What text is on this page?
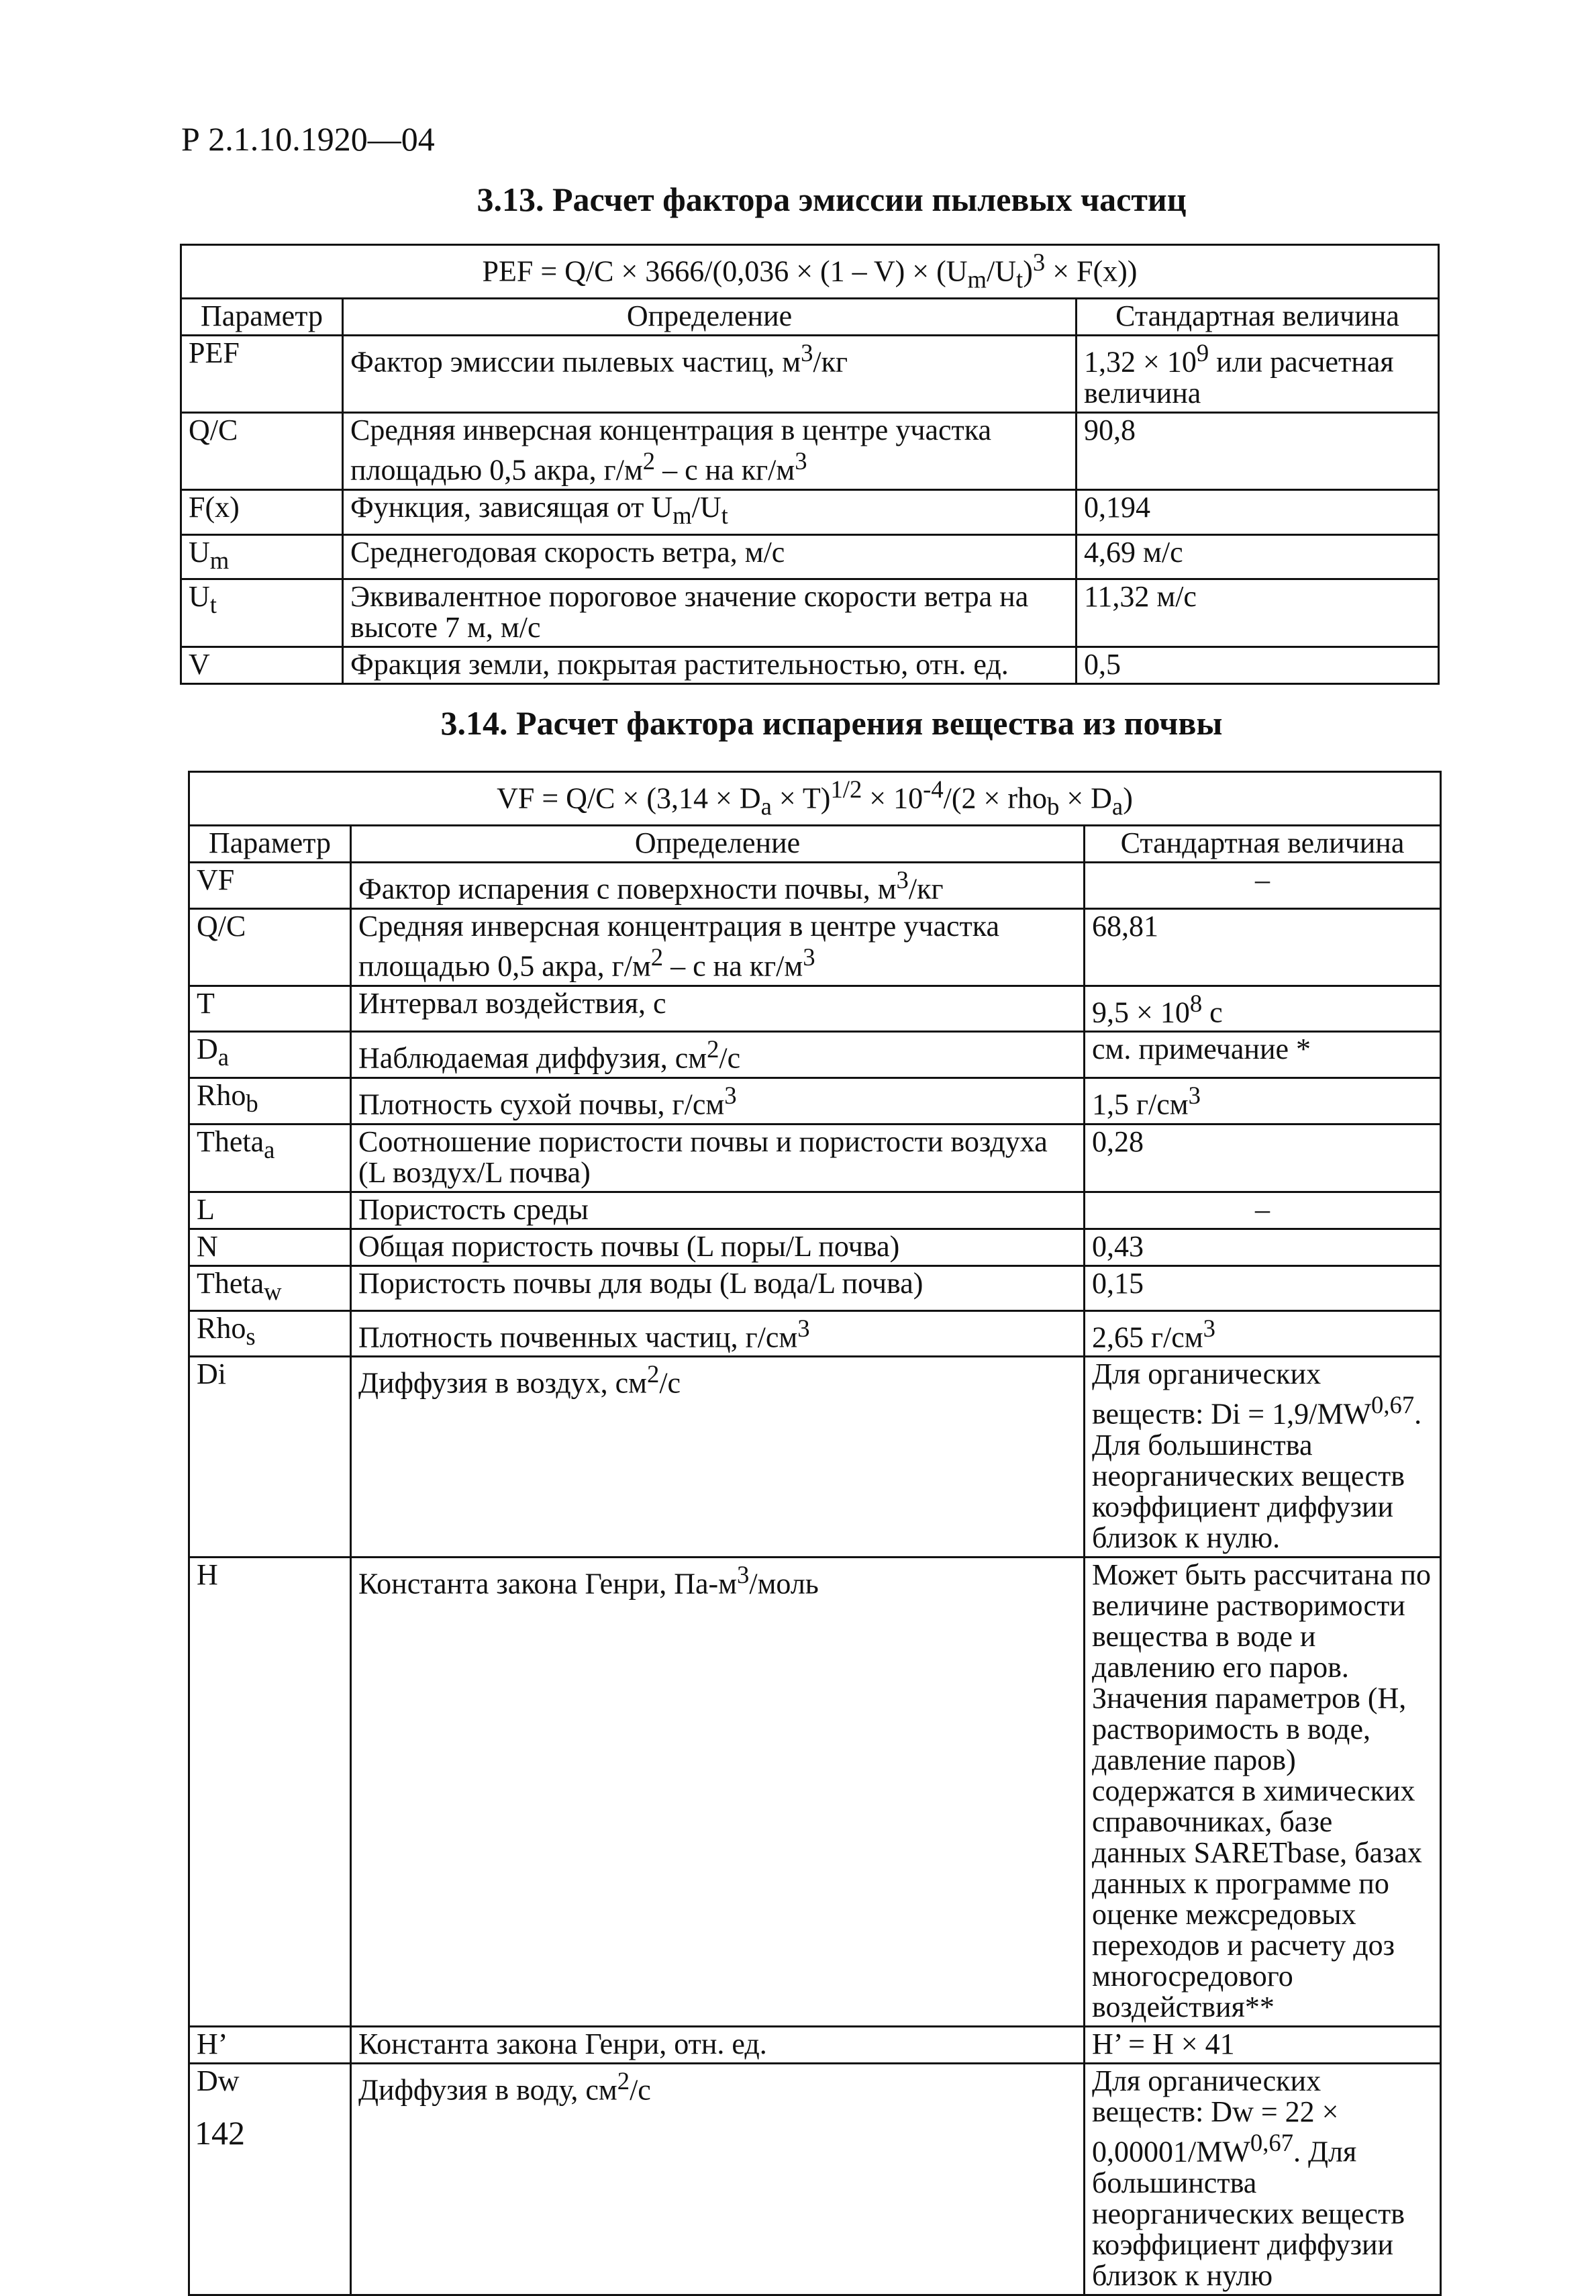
Р 2.1.10.1920—04
3.13. Расчет фактора эмиссии пылевых частиц
PEF = $Q/C \times 3666/(0,036 \times (1 - V) \times (U_m/U_t)^3 \times F(x))$		
Параметр	Определение	Стандартная величина
PEF	Фактор эмиссии пылевых частиц, $м^3/кг$	$1,32 \times 10^9$ или расчетная величина
Q/C	Средняя инверсная концентрация в центре участка площадью 0,5 акра, $г/м^2$ – с на $кг/м^3$	90,8
F(x)	Функция, зависящая от $U_m/U_t$	0,194
$U_m$	Среднегодовая скорость ветра, м/с	4,69 м/с
$U_t$	Эквивалентное пороговое значение скорости ветра на высоте 7 м, м/с	11,32 м/с
V	Фракция земли, покрытая растительностью, отн. ед.	0,5
3.14. Расчет фактора испарения вещества из почвы
VF = $Q/C \times (3,14 \times D_a \times T)^{1/2} \times 10^{-4}/(2 \times rho_b \times D_a)$		
Параметр	Определение	Стандартная величина
VF	Фактор испарения с поверхности почвы, $м^3/кг$	–
Q/C	Средняя инверсная концентрация в центре участка площадью 0,5 акра, $г/м^2$ – с на $кг/м^3$	68,81
T	Интервал воздействия, с	$9,5 \times 10^8$ с
$D_a$	Наблюдаемая диффузия, $см^2/с$	см. примечание *
Rho$_b$	Плотность сухой почвы, $г/см^3$	1,5 $г/см^3$
Theta$_a$	Соотношение пористости почвы и пористости воздуха (L воздух/L почва)	0,28
L	Пористость среды	–
N	Общая пористость почвы (L поры/L почва)	0,43
Theta$_w$	Пористость почвы для воды (L вода/L почва)	0,15
Rho$_s$	Плотность почвенных частиц, $г/см^3$	2,65 $г/см^3$
Di	Диффузия в воздух, $см^2/с$	Для органических веществ: Di = 1,9/MW$^{0,67}$. Для большинства неорганических веществ коэффициент диффузии близок к нулю.
H	Константа закона Генри, $Па-м^3$/моль	Может быть рассчитана по величине растворимости вещества в воде и давлению его паров. Значения параметров (H, растворимость в воде, давление паров) содержатся в химических справочниках, базе данных SARETbase, базах данных к программе по оценке межсредовых переходов и расчету доз многосредового воздействия**
H’	Константа закона Генри, отн. ед.	H’ = H × 41
Dw	Диффузия в воду, $см^2/с$	Для органических веществ: Dw = 22 × 0,00001/MW$^{0,67}$. Для большинства неорганических веществ коэффициент диффузии близок к нулю
142
